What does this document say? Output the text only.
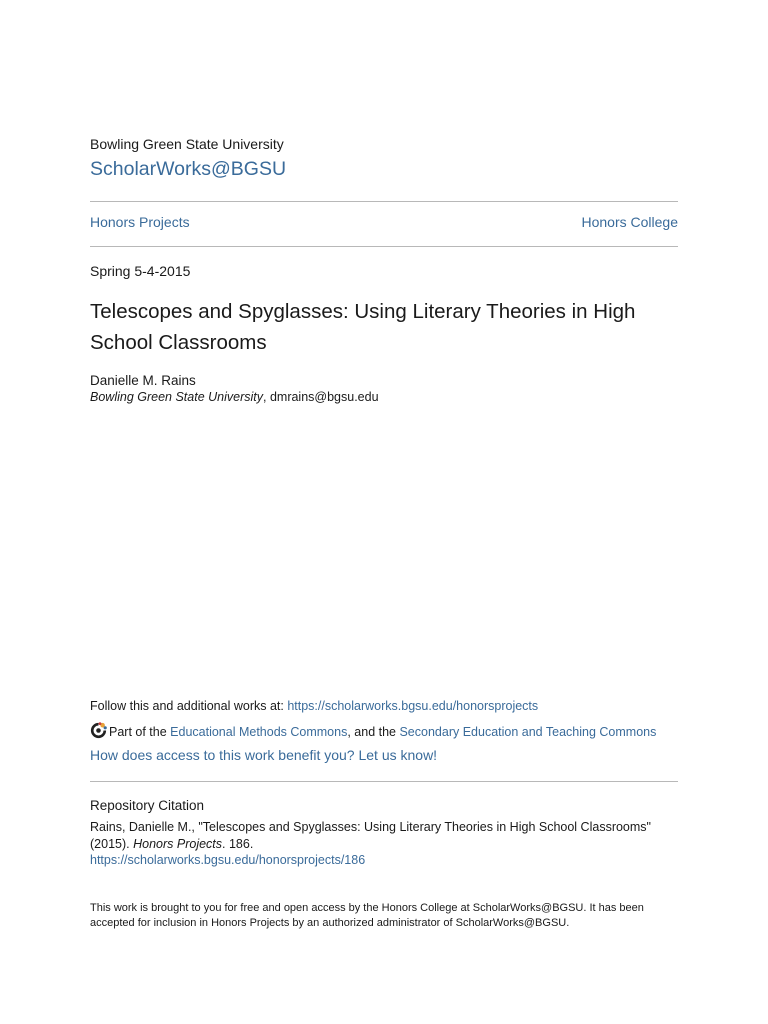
Bowling Green State University
ScholarWorks@BGSU
Honors Projects	Honors College
Spring 5-4-2015
Telescopes and Spyglasses: Using Literary Theories in High School Classrooms
Danielle M. Rains
Bowling Green State University, dmrains@bgsu.edu
Follow this and additional works at: https://scholarworks.bgsu.edu/honorsprojects
Part of the Educational Methods Commons, and the Secondary Education and Teaching Commons
How does access to this work benefit you? Let us know!
Repository Citation
Rains, Danielle M., "Telescopes and Spyglasses: Using Literary Theories in High School Classrooms" (2015). Honors Projects. 186.
https://scholarworks.bgsu.edu/honorsprojects/186
This work is brought to you for free and open access by the Honors College at ScholarWorks@BGSU. It has been accepted for inclusion in Honors Projects by an authorized administrator of ScholarWorks@BGSU.
